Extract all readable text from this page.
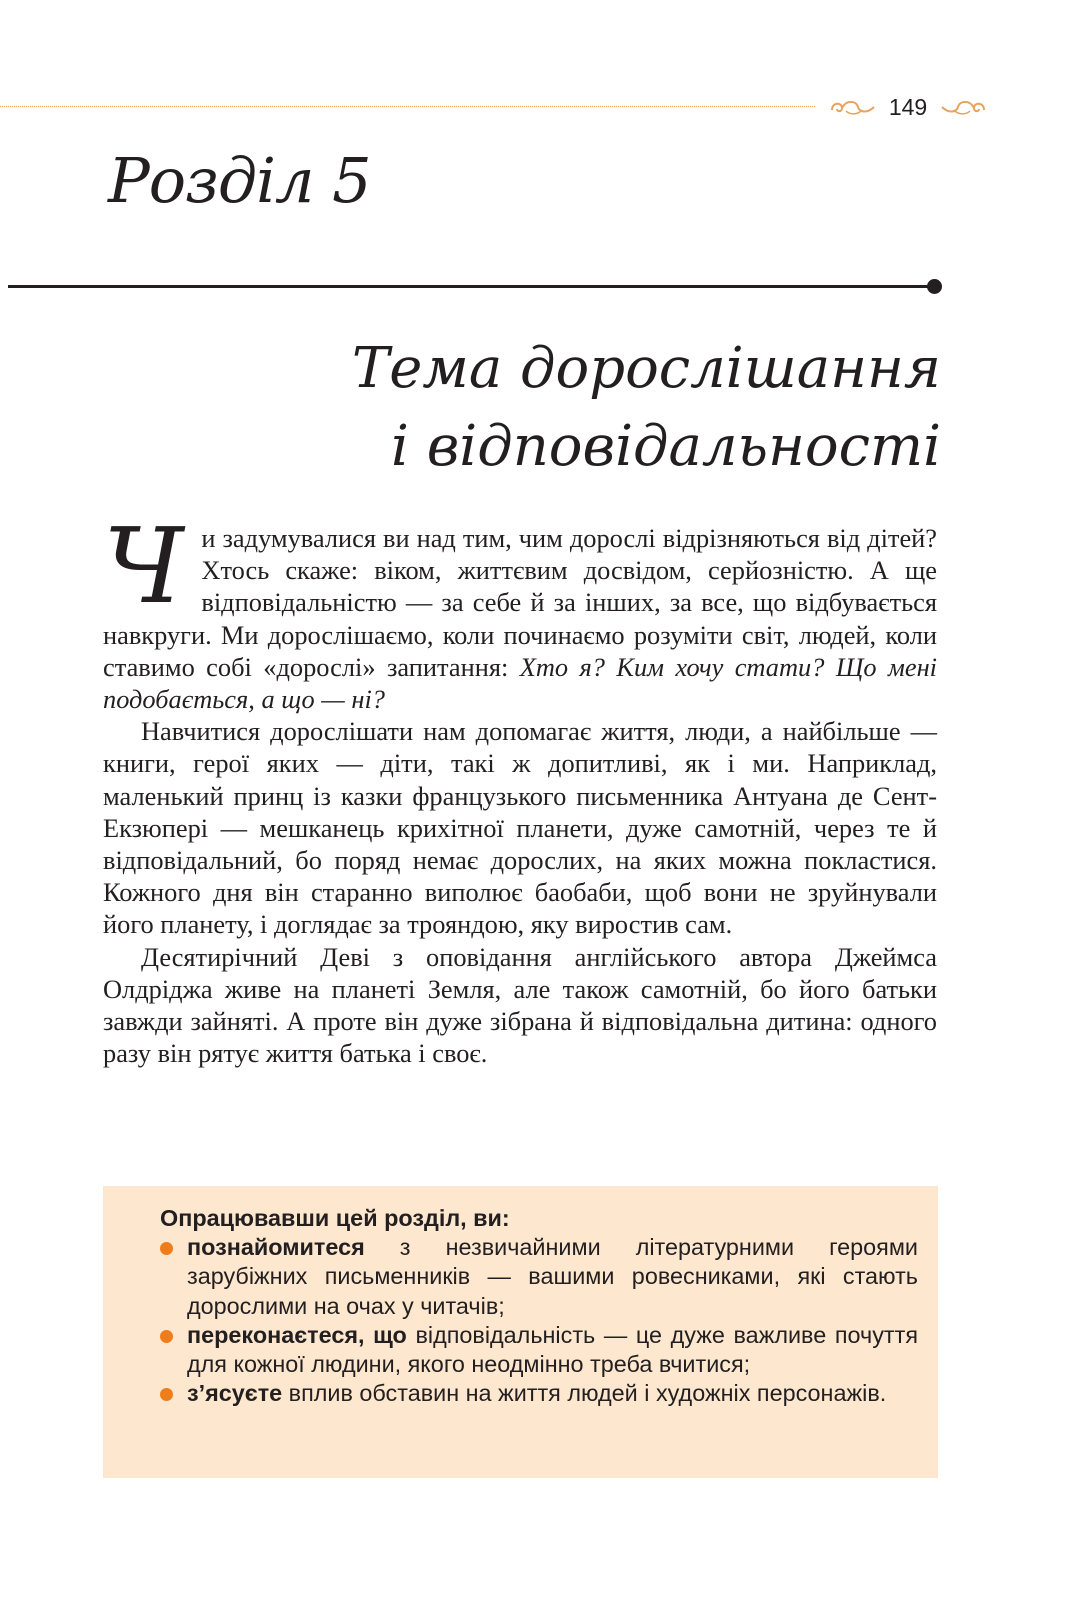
149
Розділ 5
Тема дорослішання
і відповідальності

Чи задумувалися ви над тим, чим дорослі відрізняються від дітей? Хтось скаже: віком, життєвим досвідом, серйозністю. А ще відповідальністю — за себе й за інших, за все, що відбувається навкруги. Ми дорослішаємо, коли починаємо розуміти світ, людей, коли ставимо собі «дорослі» запитання: Хто я? Ким хочу стати? Що мені подобається, а що — ні?

Навчитися дорослішати нам допомагає життя, люди, а найбільше — книги, герої яких — діти, такі ж допитливі, як і ми. Наприклад, маленький принц із казки французького письменника Антуана де Сент-Екзюпері — мешканець крихітної планети, дуже самотній, через те й відповідальний, бо поряд немає дорослих, на яких можна покластися. Кожного дня він старанно виполює баобаби, щоб вони не зруйнували його планету, і доглядає за трояндою, яку виростив сам.

Десятирічний Деві з оповідання англійського автора Джеймса Олдріджа живе на планеті Земля, але також самотній, бо його батьки завжди зайняті. А проте він дуже зібрана й відповідальна дитина: одного разу він рятує життя батька і своє.

Опрацювавши цей розділ, ви:

познайомитеся з незвичайними літературними героями зарубіжних письменників — вашими ровесниками, які стають дорослими на очах у читачів;
переконаєтеся, що відповідальність — це дуже важливе почуття для кожної людини, якого неодмінно треба вчитися;
з’ясуєте вплив обставин на життя людей і художніх персонажів.
